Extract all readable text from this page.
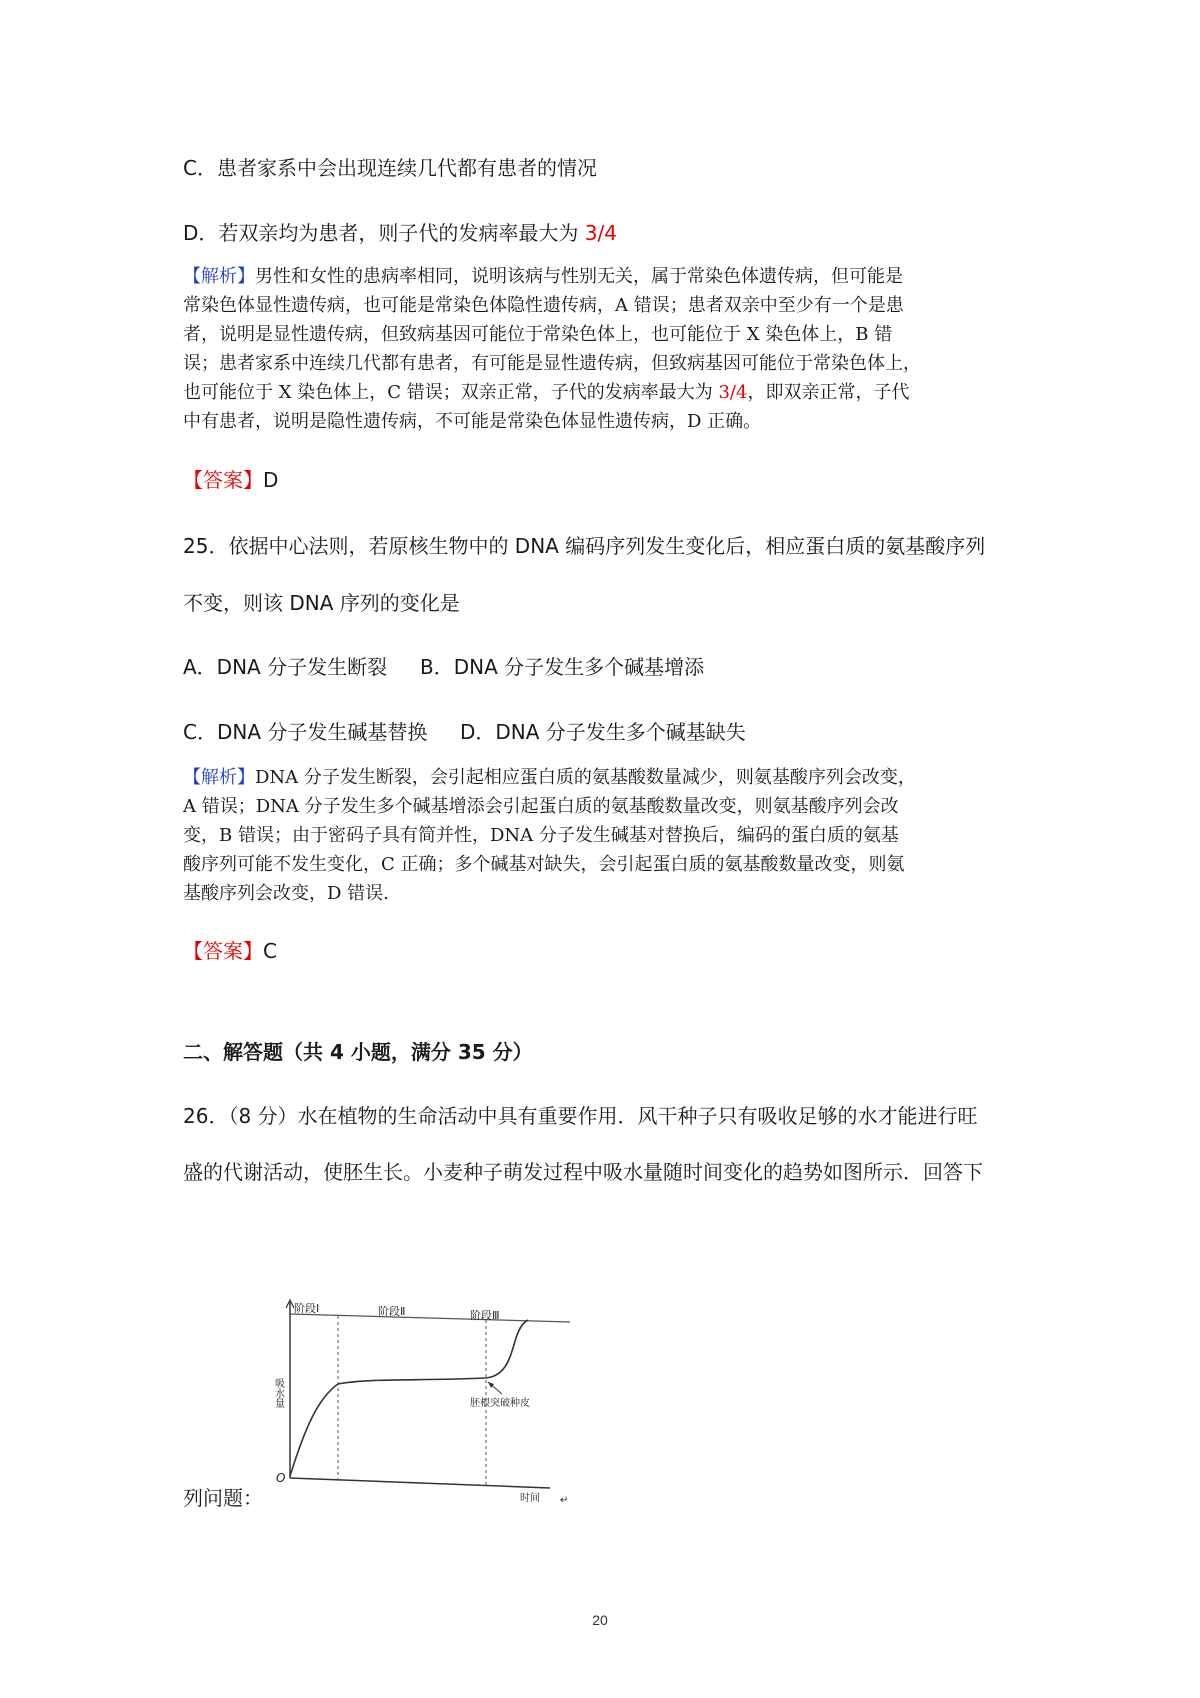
C．患者家系中会出现连续几代都有患者的情况
D．若双亲均为患者，则子代的发病率最大为 3/4
【解析】男性和女性的患病率相同，说明该病与性别无关，属于常染色体遗传病，但可能是
常染色体显性遗传病，也可能是常染色体隐性遗传病，A 错误；患者双亲中至少有一个是患
者，说明是显性遗传病，但致病基因可能位于常染色体上，也可能位于 X 染色体上，B 错
误；患者家系中连续几代都有患者，有可能是显性遗传病，但致病基因可能位于常染色体上，
也可能位于 X 染色体上，C 错误；双亲正常，子代的发病率最大为 3/4，即双亲正常，子代
中有患者，说明是隐性遗传病，不可能是常染色体显性遗传病，D 正确。
【答案】D
25．依据中心法则，若原核生物中的 DNA 编码序列发生变化后，相应蛋白质的氨基酸序列
不变，则该 DNA 序列的变化是
A．DNA 分子发生断裂 B．DNA 分子发生多个碱基增添
C．DNA 分子发生碱基替换 D．DNA 分子发生多个碱基缺失
【解析】DNA 分子发生断裂，会引起相应蛋白质的氨基酸数量减少，则氨基酸序列会改变，
A 错误；DNA 分子发生多个碱基增添会引起蛋白质的氨基酸数量改变，则氨基酸序列会改
变，B 错误；由于密码子具有简并性，DNA 分子发生碱基对替换后，编码的蛋白质的氨基
酸序列可能不发生变化，C 正确；多个碱基对缺失，会引起蛋白质的氨基酸数量改变，则氨
基酸序列会改变，D 错误.
【答案】C
二、解答题（共 4 小题，满分 35 分）
26．（8 分）水在植物的生命活动中具有重要作用．风干种子只有吸收足够的水才能进行旺
盛的代谢活动，使胚生长。小麦种子萌发过程中吸水量随时间变化的趋势如图所示．回答下
阶段Ⅰ	阶段Ⅱ	阶段Ⅲ
吸水量	胚根突破种皮
O
时间 ↵
列问题：
20
